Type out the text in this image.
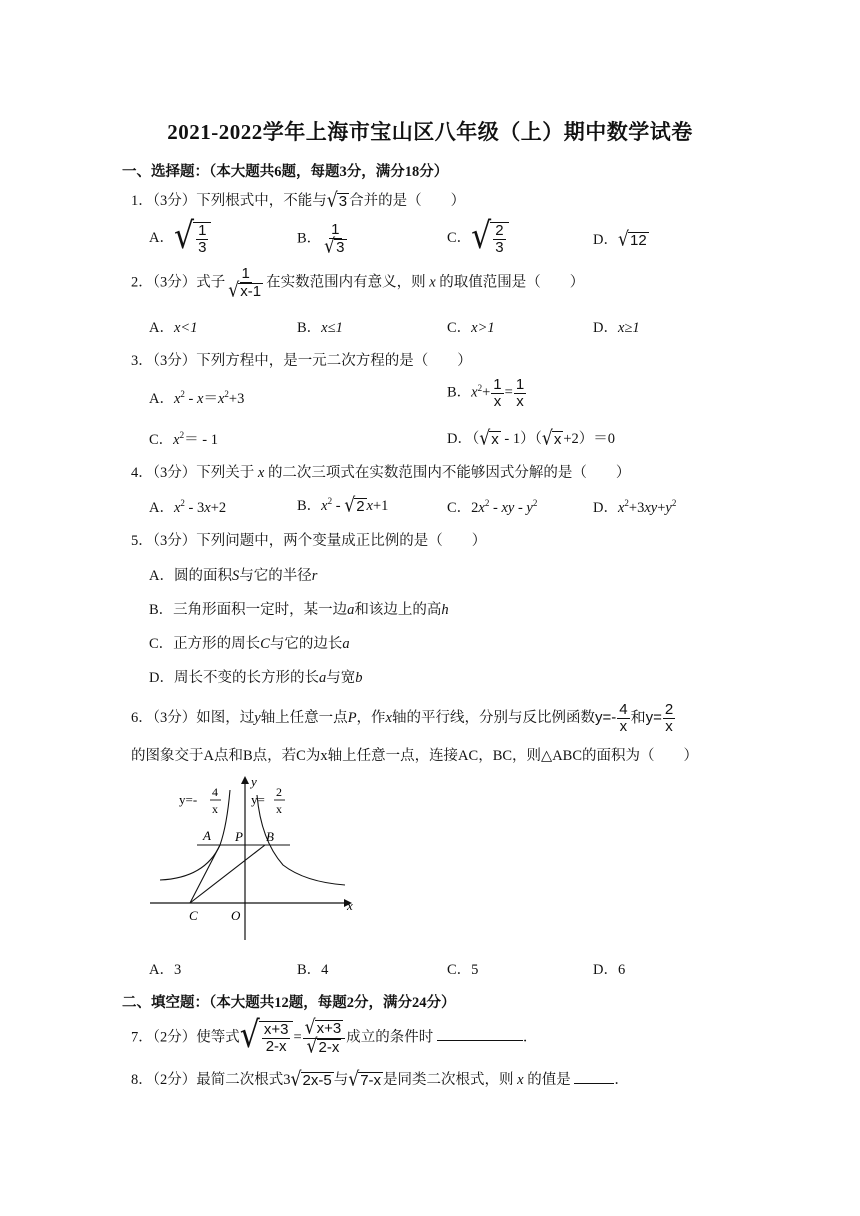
2021-2022学年上海市宝山区八年级（上）期中数学试卷
一、选择题：（本大题共6题，每题3分，满分18分）
1．（3分）下列根式中，不能与 √ 3 合并的是（　　）
A． √ $\frac{1}{3}$	B． $\frac{1}{√ 3}$	C． √ $\frac{2}{3}$	D． √ 12
2．（3分）式子 $\frac{1}{√ x-1}$ 在实数范围内有意义，则 x 的取值范围是（　　）
A．x<1	B．x≤1	C．x>1	D．x≥1
3．（3分）下列方程中，是一元二次方程的是（　　）
A．$x^2 - x=x^2+3$	B．$x^2+ \frac{1}{x} = \frac{1}{x}$
C．$x^2= - 1$	D．（ √ x - 1）（ √ x +2）＝0
4．（3分）下列关于 x 的二次三项式在实数范围内不能够因式分解的是（　　）
A．$x^2 - 3x+2$	B．$x^2$ - √ 2 x+1	C．$2x^2$ - xy - $y^2$	D．$x^2+3xy+y^2$
5．（3分）下列问题中，两个变量成正比例的是（　　）
A．圆的面积S与它的半径r
B．三角形面积一定时，某一边a和该边上的高h
C．正方形的周长C与它的边长a
D．周长不变的长方形的长a与宽b
6．（3分）如图，过y轴上任意一点P，作x轴的平行线，分别与反比例函数$y=- \frac{4}{x}$ 和$y= \frac{2}{x}$
的图象交于A点和B点，若C为x轴上任意一点，连接AC，BC，则△ABC的面积为（　　）
y=- 4
x
y= 2
x
A P B
C	O
x
y
A．3	B．4	C．5	D．6
二、填空题：（本大题共12题，每题2分，满分24分）
7．（2分）使等式 √ $\frac{x+3}{2-x} = \frac{√ x+3}{√ 2-x}$ 成立的条件时	．
8．（2分）最简二次根式3 √ 2x-5 与 √ 7-x 是同类二次根式，则 x 的值是	．
